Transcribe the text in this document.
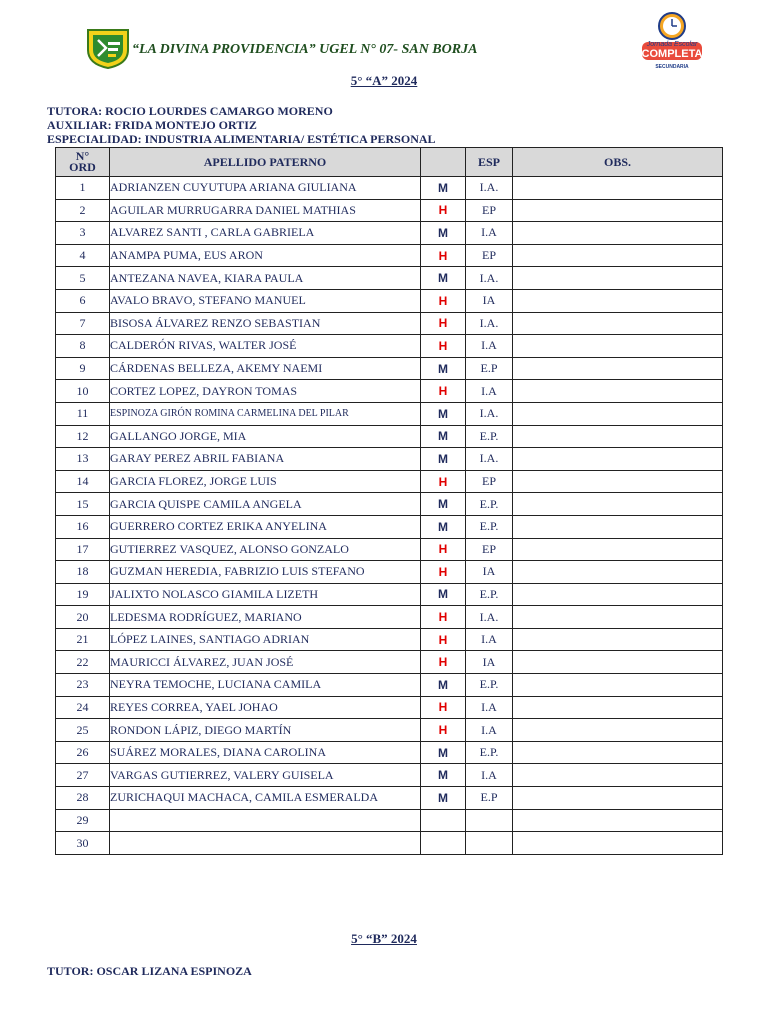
“LA DIVINA PROVIDENCIA” UGEL N° 07- SAN BORJA	Jornada Escolar
COMPLETA
SECUNDARIA
5° “A” 2024
TUTORA: ROCIO LOURDES CAMARGO MORENO
AUXILIAR: FRIDA MONTEJO ORTIZ
ESPECIALIDAD: INDUSTRIA ALIMENTARIA/ ESTÉTICA PERSONAL
N°
ORD	APELLIDO PATERNO		ESP	OBS.
1	ADRIANZEN CUYUTUPA ARIANA GIULIANA	M	I.A.	
2	AGUILAR MURRUGARRA DANIEL MATHIAS	H	EP	
3	ALVAREZ SANTI , CARLA GABRIELA	M	I.A	
4	ANAMPA PUMA, EUS ARON	H	EP	
5	ANTEZANA NAVEA, KIARA PAULA	M	I.A.	
6	AVALO BRAVO, STEFANO MANUEL	H	IA	
7	BISOSA ÁLVAREZ RENZO SEBASTIAN	H	I.A.	
8	CALDERÓN RIVAS, WALTER JOSÉ	H	I.A	
9	CÁRDENAS BELLEZA, AKEMY NAEMI	M	E.P	
10	CORTEZ LOPEZ, DAYRON TOMAS	H	I.A	
11	ESPINOZA GIRÓN ROMINA CARMELINA DEL PILAR	M	I.A.	
12	GALLANGO JORGE, MIA	M	E.P.	
13	GARAY PEREZ ABRIL FABIANA	M	I.A.	
14	GARCIA FLOREZ, JORGE LUIS	H	EP	
15	GARCIA QUISPE CAMILA ANGELA	M	E.P.	
16	GUERRERO CORTEZ ERIKA ANYELINA	M	E.P.	
17	GUTIERREZ VASQUEZ, ALONSO GONZALO	H	EP	
18	GUZMAN HEREDIA, FABRIZIO LUIS STEFANO	H	IA	
19	JALIXTO NOLASCO GIAMILA LIZETH	M	E.P.	
20	LEDESMA RODRÍGUEZ, MARIANO	H	I.A.	
21	LÓPEZ LAINES, SANTIAGO ADRIAN	H	I.A	
22	MAURICCI ÁLVAREZ, JUAN JOSÉ	H	IA	
23	NEYRA TEMOCHE, LUCIANA CAMILA	M	E.P.	
24	REYES CORREA, YAEL JOHAO	H	I.A	
25	RONDON LÁPIZ, DIEGO MARTÍN	H	I.A	
26	SUÁREZ MORALES, DIANA CAROLINA	M	E.P.	
27	VARGAS GUTIERREZ, VALERY GUISELA	M	I.A	
28	ZURICHAQUI MACHACA, CAMILA ESMERALDA	M	E.P	
29				
30				
5° “B” 2024
TUTOR: OSCAR LIZANA ESPINOZA
